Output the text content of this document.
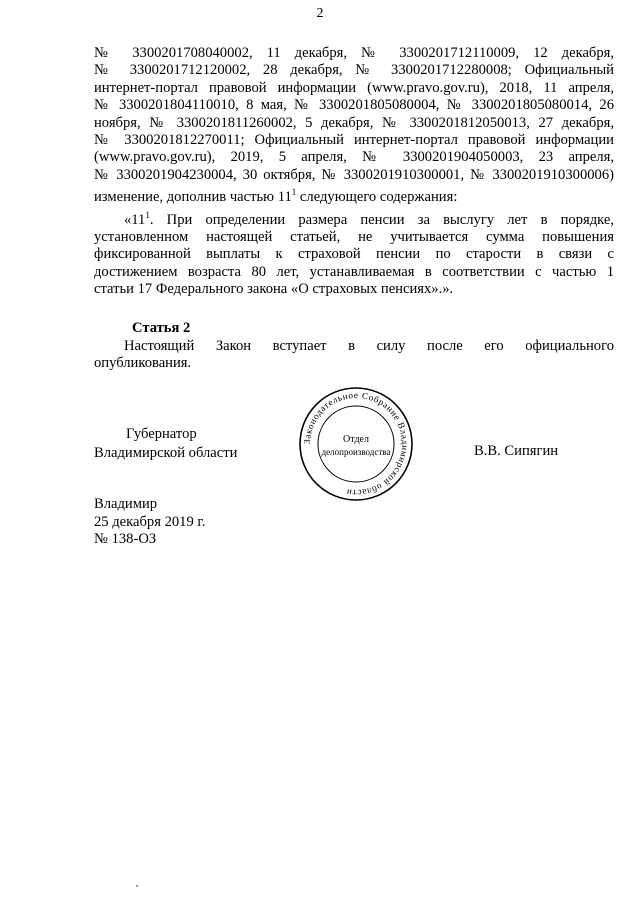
2
№ 3300201708040002, 11 декабря, № 3300201712110009, 12 декабря,
№ 3300201712120002, 28 декабря, № 3300201712280008; Официальный
интернет-портал правовой информации (www.pravo.gov.ru), 2018, 11 апреля,
№ 3300201804110010, 8 мая, № 3300201805080004, № 3300201805080014, 26
ноября, № 3300201811260002, 5 декабря, № 3300201812050013, 27 декабря,
№ 3300201812270011; Официальный интернет-портал правовой информации
(www.pravo.gov.ru), 2019, 5 апреля, № 3300201904050003, 23 апреля,
№ 3300201904230004, 30 октября, № 3300201910300001, № 3300201910300006)
изменение, дополнив частью $11^1$ следующего содержания:
«$11^1$. При определении размера пенсии за выслугу лет в порядке,
установленном настоящей статьей, не учитывается сумма повышения
фиксированной выплаты к страховой пенсии по старости в связи с
достижением возраста 80 лет, устанавливаемая в соответствии с частью 1
статьи 17 Федерального закона «О страховых пенсиях».».
Статья 2
Настоящий Закон вступает в силу после его официального
опубликования.
Губернатор
Владимирской области
Законодательное Собрание Владимирской области
Отдел
делопроизводства	В.В. Сипягин
Владимир
25 декабря 2019 г.
№ 138-ОЗ
